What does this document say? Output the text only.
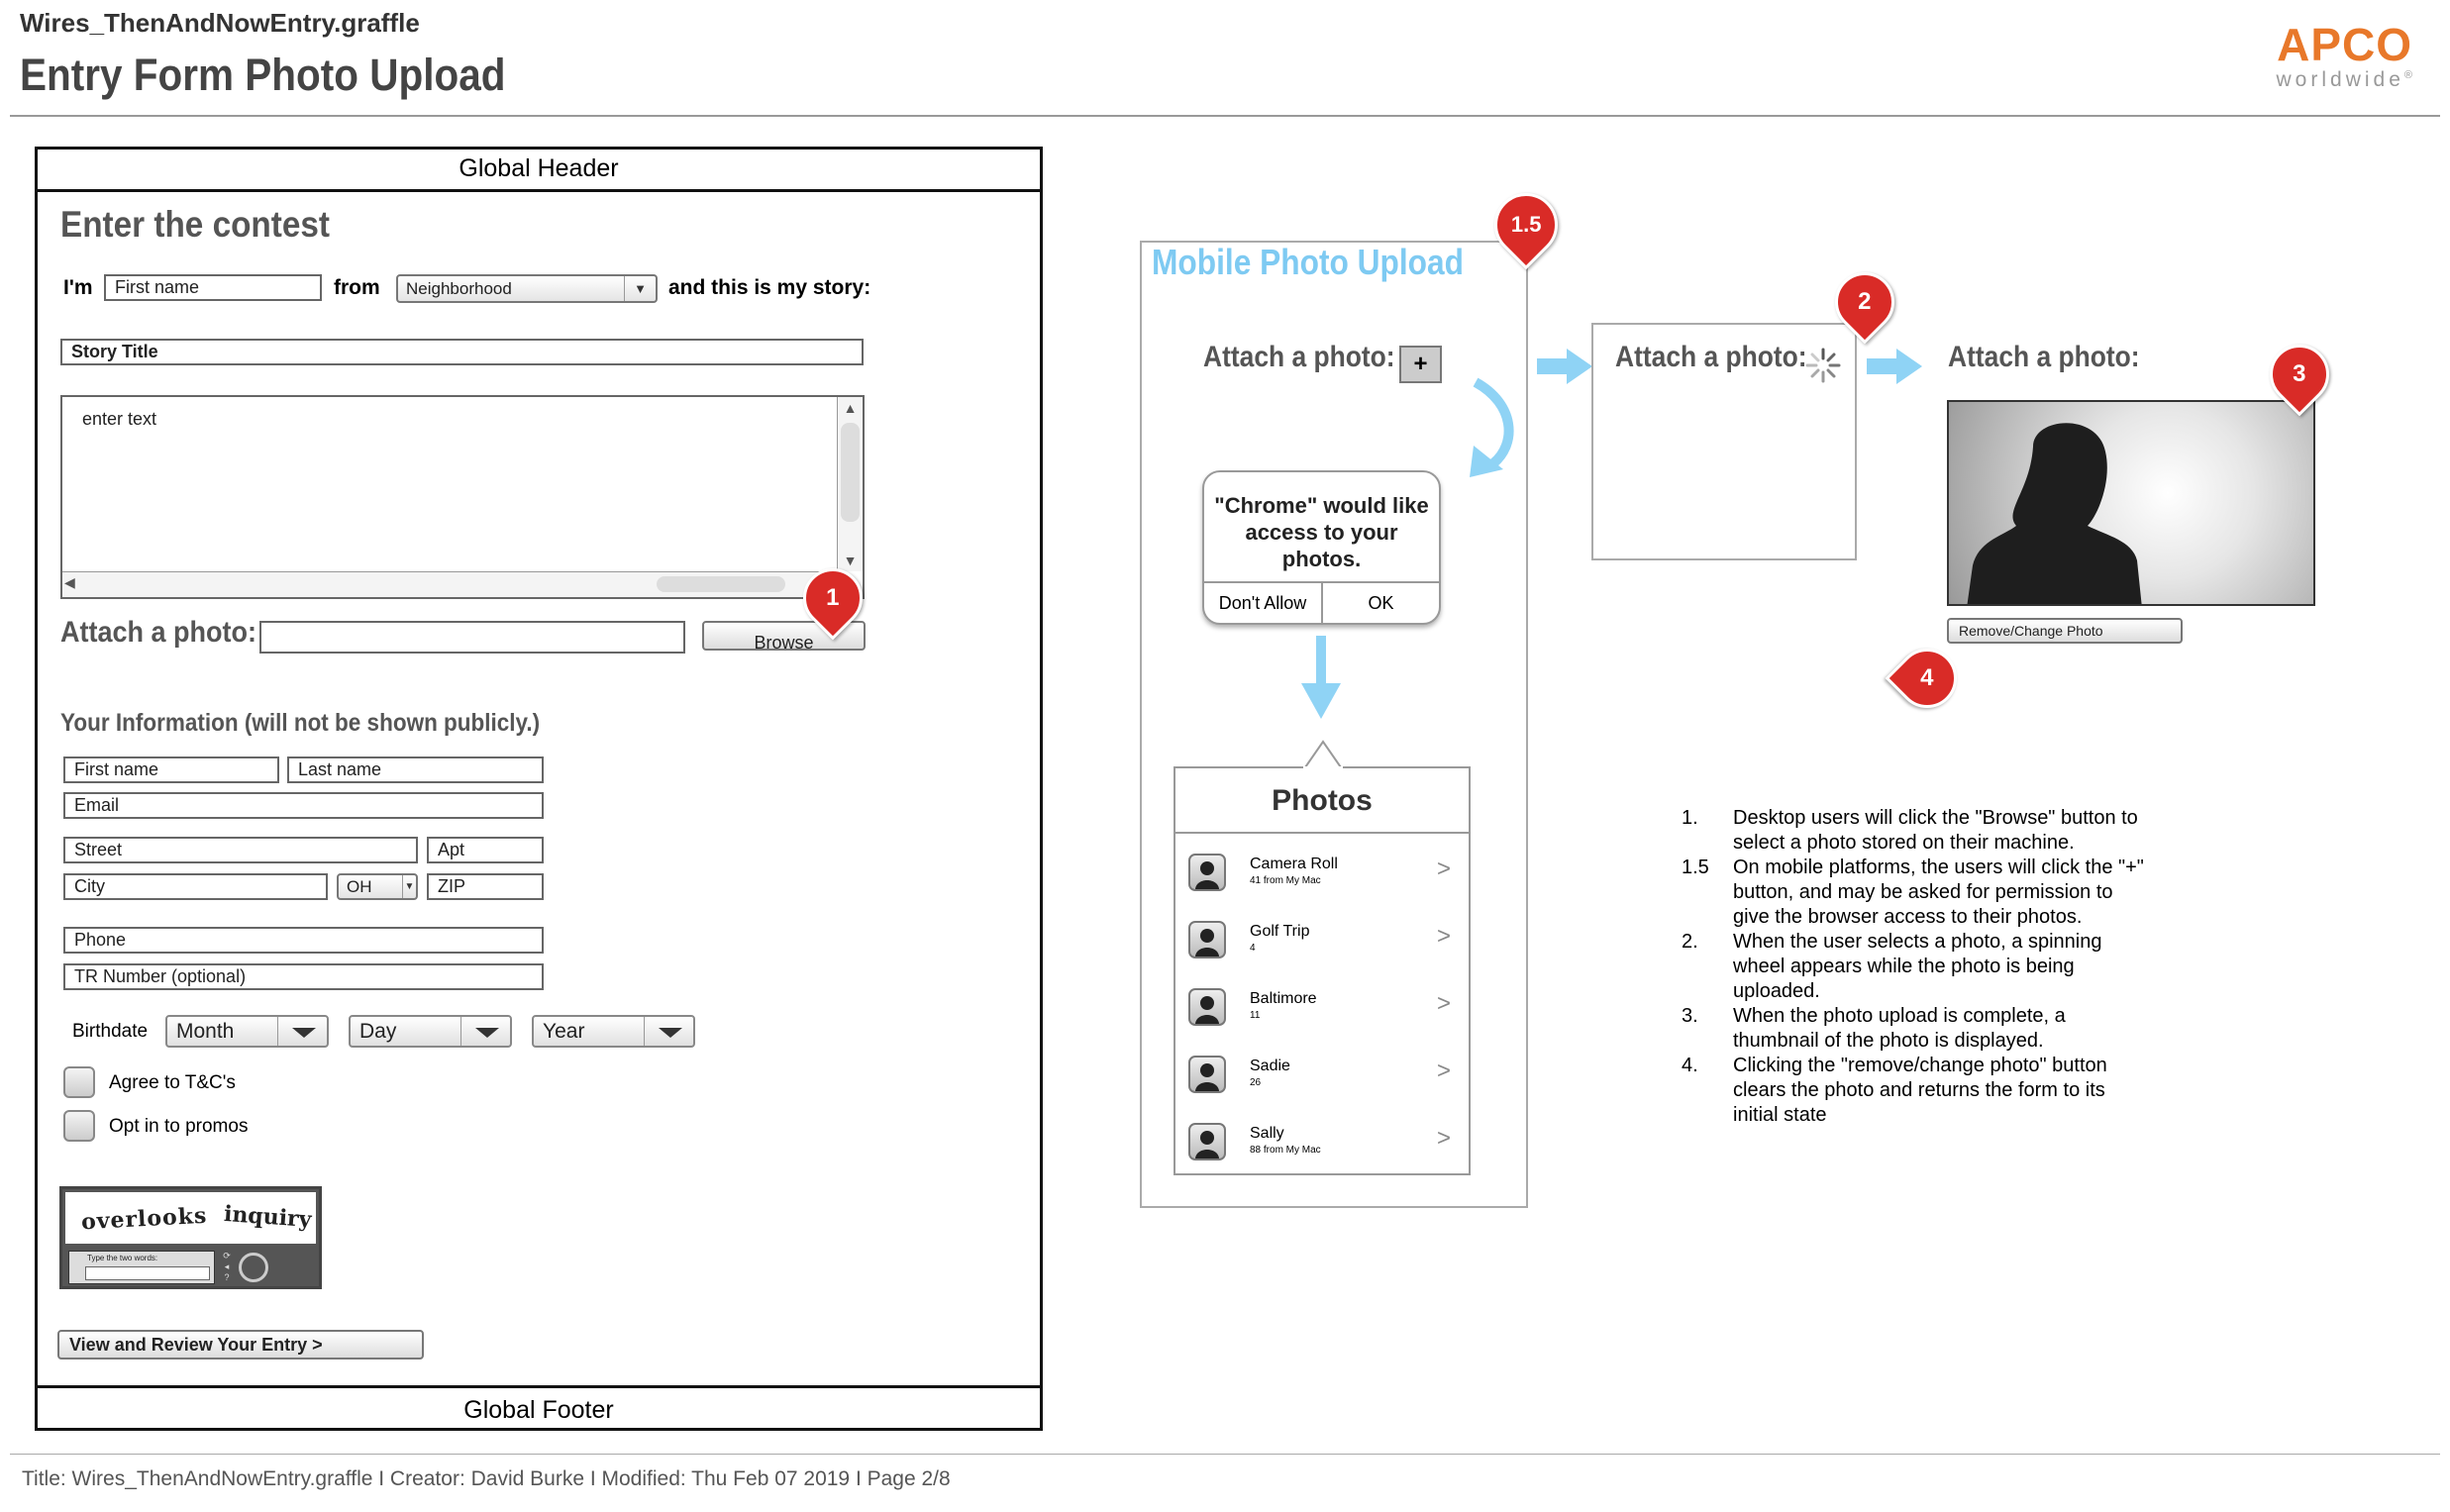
Wires_ThenAndNowEntry.graffle
Entry Form Photo Upload
APCO
worldwide®
Global Header
Global Footer
Enter the contest
I'm	First name	from	Neighborhood	▼	and this is my story:
Story Title
enter text
▲
▼
◀
Attach a photo:	Browse
Your Information (will not be shown publicly.)
First name	Last name
Email
Street	Apt
City	OH	▼	ZIP
Phone
TR Number (optional)
Birthdate	Month	Day	Year
Agree to T&C's
Opt in to promos
overlooks inquiry
Type the two words:	⟳
◂
?
View and Review Your Entry >
1
Mobile Photo Upload
1.5
Attach a photo: +
"Chrome" would like access to your photos.
Don't Allow	OK
Photos
Camera Roll
41 from My Mac	>
Golf Trip
4	>
Baltimore
11	>
Sadie
26	>
Sally
88 from My Mac	>
Attach a photo:
2
Attach a photo:
3
Remove/Change Photo
4
1. Desktop users will click the "Browse" button to select a photo stored on their machine.
1.5 On mobile platforms, the users will click the "+" button, and may be asked for permission to give the browser access to their photos.
2. When the user selects a photo, a spinning wheel appears while the photo is being uploaded.
3. When the photo upload is complete, a thumbnail of the photo is displayed.
4. Clicking the "remove/change photo" button clears the photo and returns the form to its initial state
Title: Wires_ThenAndNowEntry.graffle I Creator: David Burke I Modified: Thu Feb 07 2019 I Page 2/8
